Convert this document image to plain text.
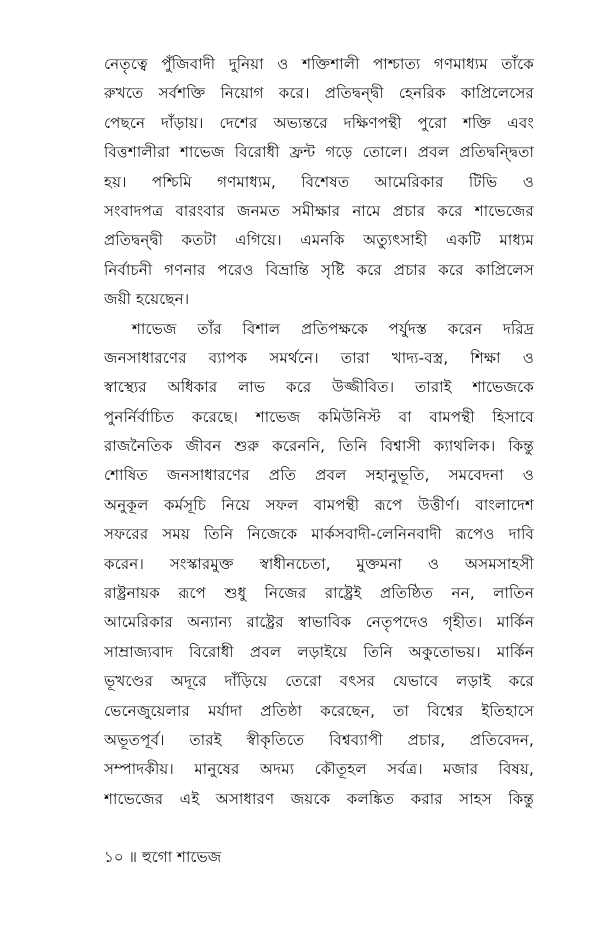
নেতৃত্বে পুঁজিবাদী দুনিয়া ও শক্তিশালী পাশ্চাত্য গণমাধ্যম তাঁকে
রুখতে সর্বশক্তি নিয়োগ করে। প্রতিদ্বন্দ্বী হেনরিক কাপ্রিলেসের
পেছনে দাঁড়ায়। দেশের অভ্যন্তরে দক্ষিণপন্থী পুরো শক্তি এবং
বিত্তশালীরা শাভেজ বিরোধী ফ্রন্ট গড়ে তোলে। প্রবল প্রতিদ্বন্দ্বিতা
হয়। পশ্চিমি গণমাধ্যম, বিশেষত আমেরিকার টিভি ও
সংবাদপত্র বারংবার জনমত সমীক্ষার নামে প্রচার করে শাভেজের
প্রতিদ্বন্দ্বী কতটা এগিয়ে। এমনকি অত্যুৎসাহী একটি মাধ্যম
নির্বাচনী গণনার পরেও বিভ্রান্তি সৃষ্টি করে প্রচার করে কাপ্রিলেস
জয়ী হয়েছেন।
শাভেজ তাঁর বিশাল প্রতিপক্ষকে পর্যুদস্ত করেন দরিদ্র
জনসাধারণের ব্যাপক সমর্থনে। তারা খাদ্য-বস্ত্র, শিক্ষা ও
স্বাস্থ্যের অধিকার লাভ করে উজ্জীবিত। তারাই শাভেজকে
পুনর্নির্বাচিত করেছে। শাভেজ কমিউনিস্ট বা বামপন্থী হিসাবে
রাজনৈতিক জীবন শুরু করেননি, তিনি বিশ্বাসী ক্যাথলিক। কিন্তু
শোষিত জনসাধারণের প্রতি প্রবল সহানুভূতি, সমবেদনা ও
অনুকূল কর্মসূচি নিয়ে সফল বামপন্থী রূপে উত্তীর্ণ। বাংলাদেশ
সফরের সময় তিনি নিজেকে মার্কসবাদী-লেনিনবাদী রূপেও দাবি
করেন। সংস্কারমুক্ত স্বাধীনচেতা, মুক্তমনা ও অসমসাহসী
রাষ্ট্রনায়ক রূপে শুধু নিজের রাষ্ট্রেই প্রতিষ্ঠিত নন, লাতিন
আমেরিকার অন্যান্য রাষ্ট্রের স্বাভাবিক নেতৃপদেও গৃহীত। মার্কিন
সাম্রাজ্যবাদ বিরোধী প্রবল লড়াইয়ে তিনি অকুতোভয়। মার্কিন
ভূখণ্ডের অদূরে দাঁড়িয়ে তেরো বৎসর যেভাবে লড়াই করে
ভেনেজুয়েলার মর্যাদা প্রতিষ্ঠা করেছেন, তা বিশ্বের ইতিহাসে
অভূতপূর্ব। তারই স্বীকৃতিতে বিশ্বব্যাপী প্রচার, প্রতিবেদন,
সম্পাদকীয়। মানুষের অদম্য কৌতূহল সর্বত্র। মজার বিষয়,
শাভেজের এই অসাধারণ জয়কে কলঙ্কিত করার সাহস কিন্তু
১০ ॥ হুগো শাভেজ
